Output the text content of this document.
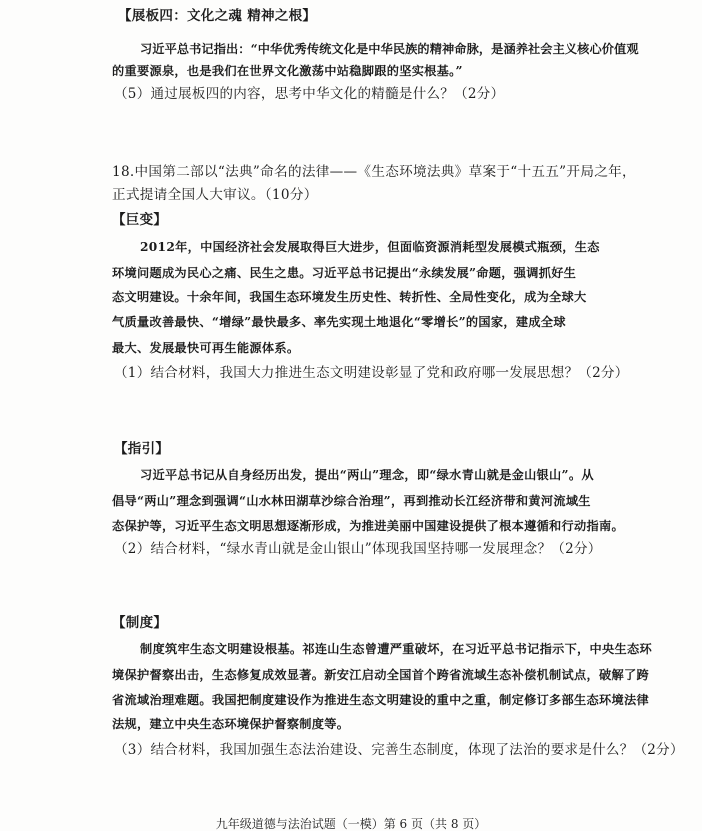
【展板四：文化之魂 精神之根】
习近平总书记指出：“中华优秀传统文化是中华民族的精神命脉，是涵养社会主义核心价值观
的重要源泉，也是我们在世界文化激荡中站稳脚跟的坚实根基。”
（5）通过展板四的内容，思考中华文化的精髓是什么？（2分）
18.中国第二部以“法典”命名的法律——《生态环境法典》草案于“十五五”开局之年，
正式提请全国人大审议。（10分）
【巨变】
2012年，中国经济社会发展取得巨大进步，但面临资源消耗型发展模式瓶颈，生态
环境问题成为民心之痛、民生之患。习近平总书记提出“永续发展”命题，强调抓好生
态文明建设。十余年间，我国生态环境发生历史性、转折性、全局性变化，成为全球大
气质量改善最快、“增绿”最快最多、率先实现土地退化“零增长”的国家，建成全球
最大、发展最快可再生能源体系。
（1）结合材料，我国大力推进生态文明建设彰显了党和政府哪一发展思想？（2分）
【指引】
习近平总书记从自身经历出发，提出“两山”理念，即“绿水青山就是金山银山”。从
倡导“两山”理念到强调“山水林田湖草沙综合治理”，再到推动长江经济带和黄河流域生
态保护等，习近平生态文明思想逐渐形成，为推进美丽中国建设提供了根本遵循和行动指南。
（2）结合材料，“绿水青山就是金山银山”体现我国坚持哪一发展理念？（2分）
【制度】
制度筑牢生态文明建设根基。祁连山生态曾遭严重破坏，在习近平总书记指示下，中央生态环
境保护督察出击，生态修复成效显著。新安江启动全国首个跨省流域生态补偿机制试点，破解了跨
省流域治理难题。我国把制度建设作为推进生态文明建设的重中之重，制定修订多部生态环境法律
法规，建立中央生态环境保护督察制度等。
（3）结合材料，我国加强生态法治建设、完善生态制度，体现了法治的要求是什么？（2分）
九年级道德与法治试题（一模）第 6 页（共 8 页）
